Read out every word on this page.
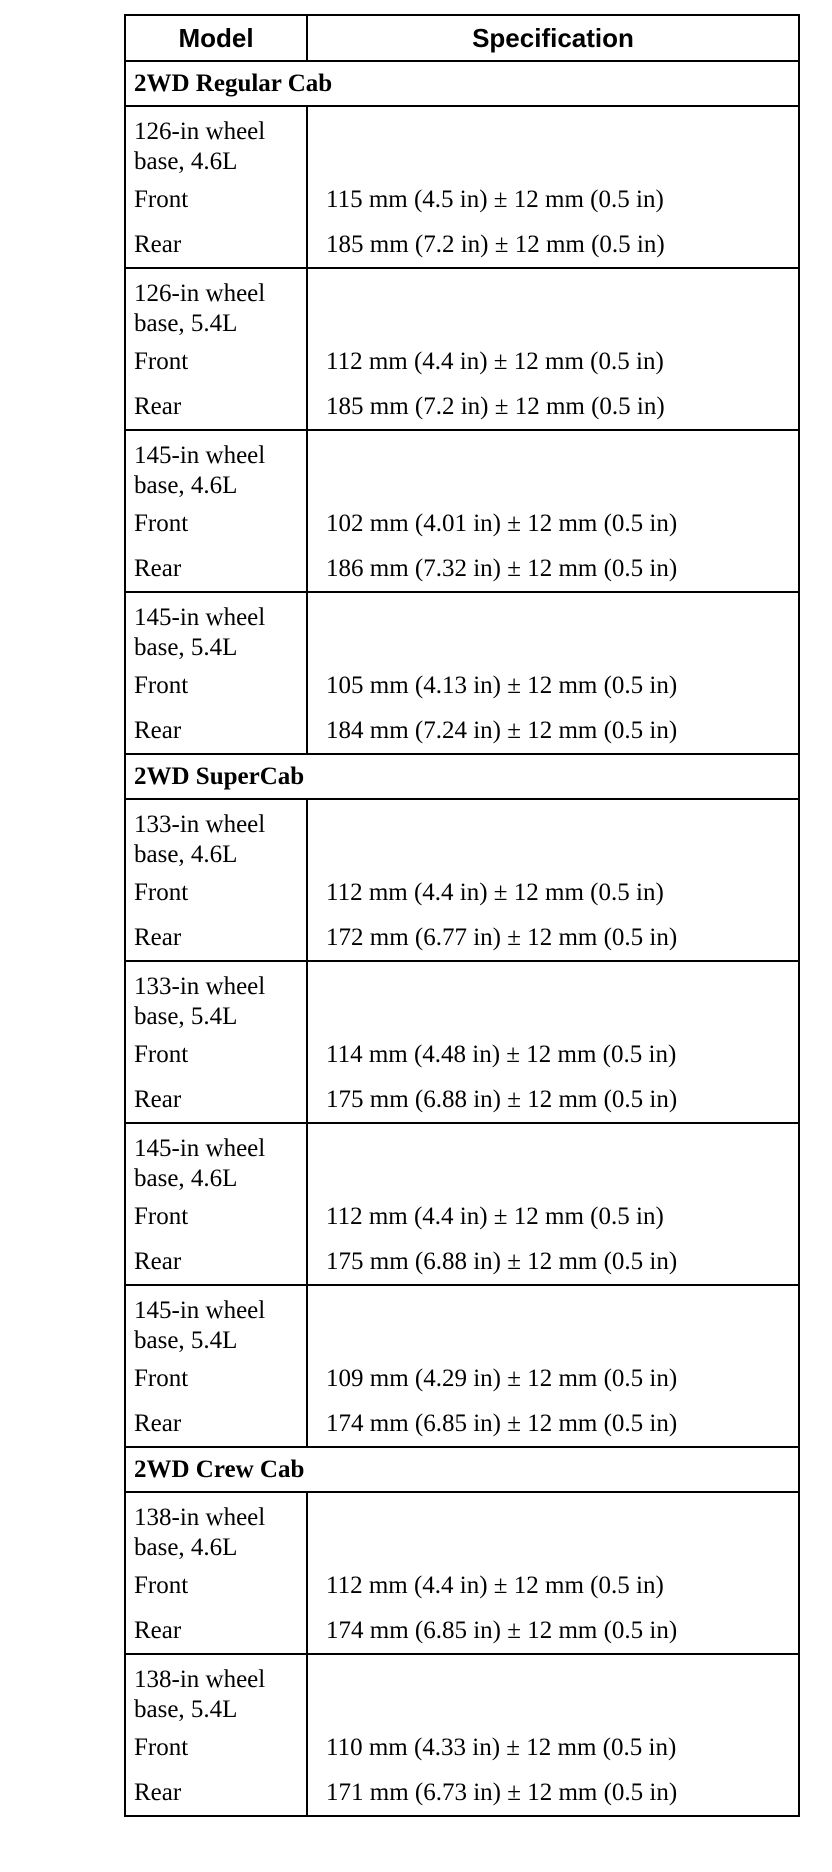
Model	Specification
2WD Regular Cab	

126-in wheel
base, 4.6L	

Front	115 mm (4.5 in) ± 12 mm (0.5 in)
Rear	185 mm (7.2 in) ± 12 mm (0.5 in)

126-in wheel
base, 5.4L	

Front	112 mm (4.4 in) ± 12 mm (0.5 in)
Rear	185 mm (7.2 in) ± 12 mm (0.5 in)

145-in wheel
base, 4.6L	

Front	102 mm (4.01 in) ± 12 mm (0.5 in)
Rear	186 mm (7.32 in) ± 12 mm (0.5 in)

145-in wheel
base, 5.4L	

Front	105 mm (4.13 in) ± 12 mm (0.5 in)
Rear	184 mm (7.24 in) ± 12 mm (0.5 in)
2WD SuperCab	

133-in wheel
base, 4.6L	

Front	112 mm (4.4 in) ± 12 mm (0.5 in)
Rear	172 mm (6.77 in) ± 12 mm (0.5 in)

133-in wheel
base, 5.4L	

Front	114 mm (4.48 in) ± 12 mm (0.5 in)
Rear	175 mm (6.88 in) ± 12 mm (0.5 in)

145-in wheel
base, 4.6L	

Front	112 mm (4.4 in) ± 12 mm (0.5 in)
Rear	175 mm (6.88 in) ± 12 mm (0.5 in)

145-in wheel
base, 5.4L	

Front	109 mm (4.29 in) ± 12 mm (0.5 in)
Rear	174 mm (6.85 in) ± 12 mm (0.5 in)
2WD Crew Cab	

138-in wheel
base, 4.6L	

Front	112 mm (4.4 in) ± 12 mm (0.5 in)
Rear	174 mm (6.85 in) ± 12 mm (0.5 in)

138-in wheel
base, 5.4L	

Front	110 mm (4.33 in) ± 12 mm (0.5 in)
Rear	171 mm (6.73 in) ± 12 mm (0.5 in)
